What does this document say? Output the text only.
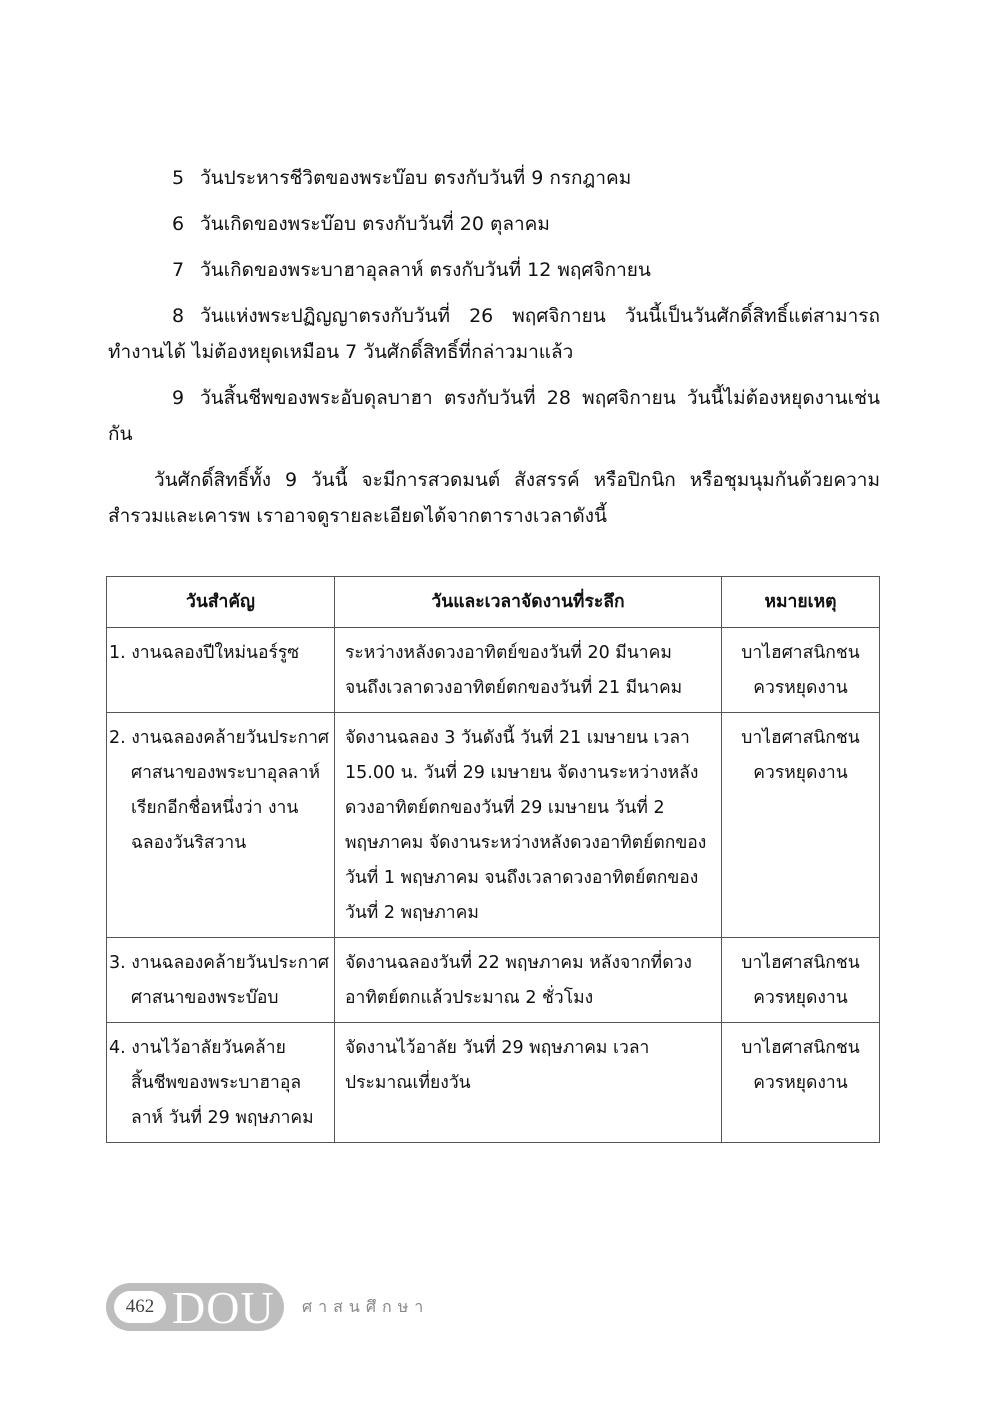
5 วันประหารชีวิตของพระบ๊อบ ตรงกับวันที่ 9 กรกฎาคม

6 วันเกิดของพระบ๊อบ ตรงกับวันที่ 20 ตุลาคม

7 วันเกิดของพระบาฮาอุลลาห์ ตรงกับวันที่ 12 พฤศจิกายน

8 วันแห่งพระปฏิญญาตรงกับวันที่ 26 พฤศจิกายน วันนี้เป็นวันศักดิ์สิทธิ์แต่สามารถทำงานได้ ไม่ต้องหยุดเหมือน 7 วันศักดิ์สิทธิ์ที่กล่าวมาแล้ว

9 วันสิ้นชีพของพระอับดุลบาฮา ตรงกับวันที่ 28 พฤศจิกายน วันนี้ไม่ต้องหยุดงานเช่นกัน

วันศักดิ์สิทธิ์ทั้ง 9 วันนี้ จะมีการสวดมนต์ สังสรรค์ หรือปิกนิก หรือชุมนุมกันด้วยความสำรวมและเคารพ เราอาจดูรายละเอียดได้จากตารางเวลาดังนี้

วันสำคัญ	วันและเวลาจัดงานที่ระลึก	หมายเหตุ

1. งานฉลองปีใหม่นอร์รูซ	ระหว่างหลังดวงอาทิตย์ของวันที่ 20 มีนาคม จนถึงเวลาดวงอาทิตย์ตกของวันที่ 21 มีนาคม	บาไฮศาสนิกชน ควรหยุดงาน

2. งานฉลองคล้ายวันประกาศศาสนาของพระบาอุลลาห์ เรียกอีกชื่อหนึ่งว่า งานฉลองวันริสวาน	จัดงานฉลอง 3 วันดังนี้ วันที่ 21 เมษายน เวลา 15.00 น. วันที่ 29 เมษายน จัดงานระหว่างหลังดวงอาทิตย์ตกของวันที่ 29 เมษายน วันที่ 2 พฤษภาคม จัดงานระหว่างหลังดวงอาทิตย์ตกของวันที่ 1 พฤษภาคม จนถึงเวลาดวงอาทิตย์ตกของวันที่ 2 พฤษภาคม	บาไฮศาสนิกชน ควรหยุดงาน

3. งานฉลองคล้ายวันประกาศศาสนาของพระบ๊อบ	จัดงานฉลองวันที่ 22 พฤษภาคม หลังจากที่ดวงอาทิตย์ตกแล้วประมาณ 2 ชั่วโมง	บาไฮศาสนิกชน ควรหยุดงาน

4. งานไว้อาลัยวันคล้ายสิ้นชีพของพระบาฮาอุลลาห์ วันที่ 29 พฤษภาคม	จัดงานไว้อาลัย วันที่ 29 พฤษภาคม เวลาประมาณเที่ยงวัน	บาไฮศาสนิกชน ควรหยุดงาน
462 DOU ศาสนศึกษา
